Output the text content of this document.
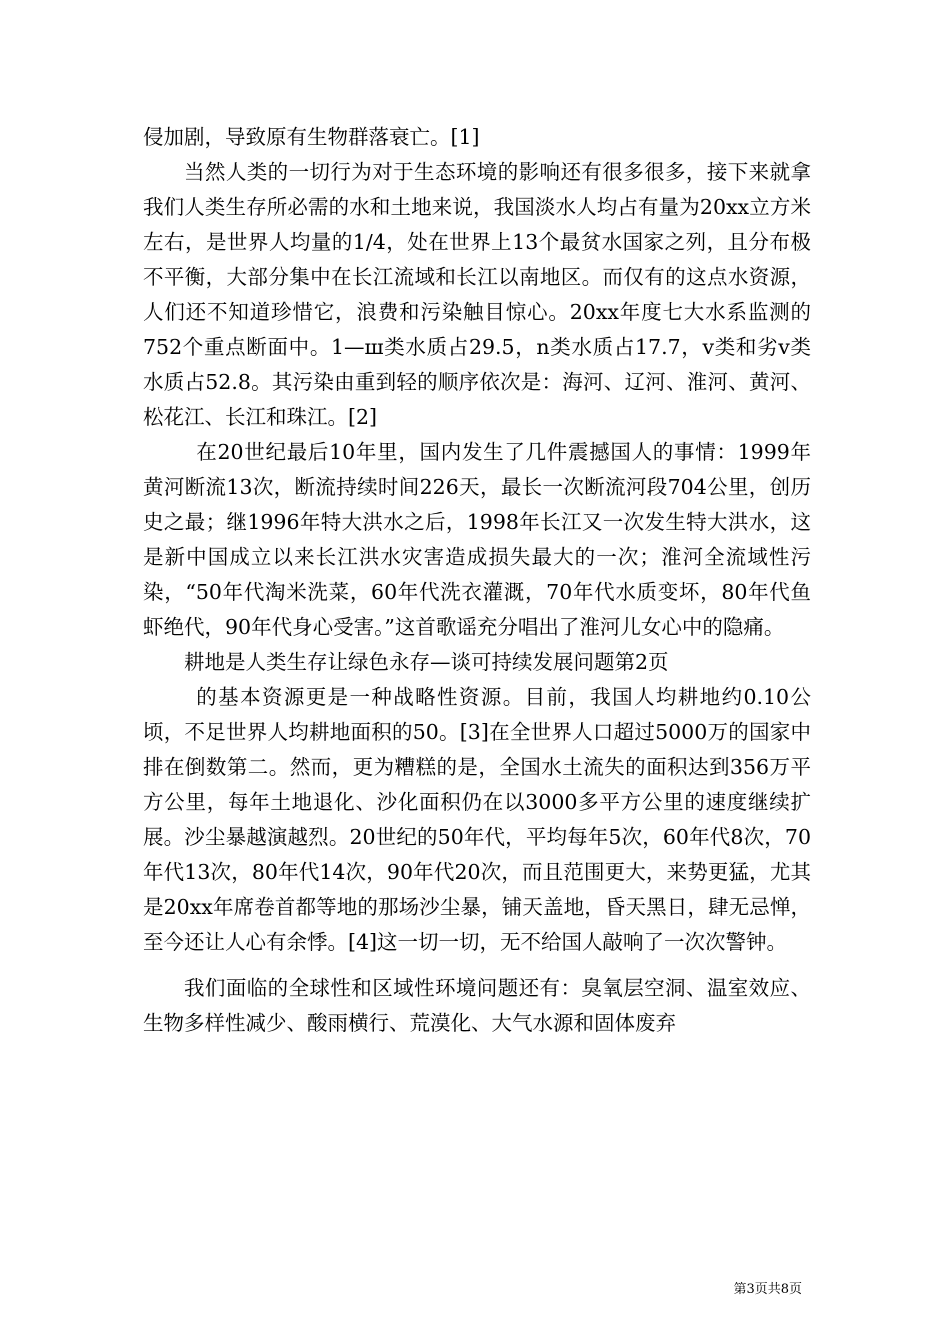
侵加剧，导致原有生物群落衰亡。[1]

当然人类的一切行为对于生态环境的影响还有很多很多，接下来就拿我们人类生存所必需的水和土地来说，我国淡水人均占有量为20xx立方米左右，是世界人均量的1/4，处在世界上13个最贫水国家之列，且分布极不平衡，大部分集中在长江流域和长江以南地区。而仅有的这点水资源，人们还不知道珍惜它，浪费和污染触目惊心。20xx年度七大水系监测的752个重点断面中。1—ш类水质占29.5，n类水质占17.7，v类和劣v类水质占52.8。其污染由重到轻的顺序依次是：海河、辽河、淮河、黄河、松花江、长江和珠江。[2]

在20世纪最后10年里，国内发生了几件震撼国人的事情：1999年黄河断流13次，断流持续时间226天，最长一次断流河段704公里，创历史之最；继1996年特大洪水之后，1998年长江又一次发生特大洪水，这是新中国成立以来长江洪水灾害造成损失最大的一次；淮河全流域性污染，“50年代淘米洗菜，60年代洗衣灌溉，70年代水质变坏，80年代鱼虾绝代，90年代身心受害。”这首歌谣充分唱出了淮河儿女心中的隐痛。

耕地是人类生存让绿色永存—谈可持续发展问题第2页

的基本资源更是一种战略性资源。目前，我国人均耕地约0.10公顷，不足世界人均耕地面积的50。[3]在全世界人口超过5000万的国家中排在倒数第二。然而，更为糟糕的是，全国水土流失的面积达到356万平方公里，每年土地退化、沙化面积仍在以3000多平方公里的速度继续扩展。沙尘暴越演越烈。20世纪的50年代，平均每年5次，60年代8次，70年代13次，80年代14次，90年代20次，而且范围更大，来势更猛，尤其是20xx年席卷首都等地的那场沙尘暴，铺天盖地，昏天黑日，肆无忌惮，至今还让人心有余悸。[4]这一切一切，无不给国人敲响了一次次警钟。

我们面临的全球性和区域性环境问题还有：臭氧层空洞、温室效应、生物多样性减少、酸雨横行、荒漠化、大气水源和固体废弃

第3页共8页
